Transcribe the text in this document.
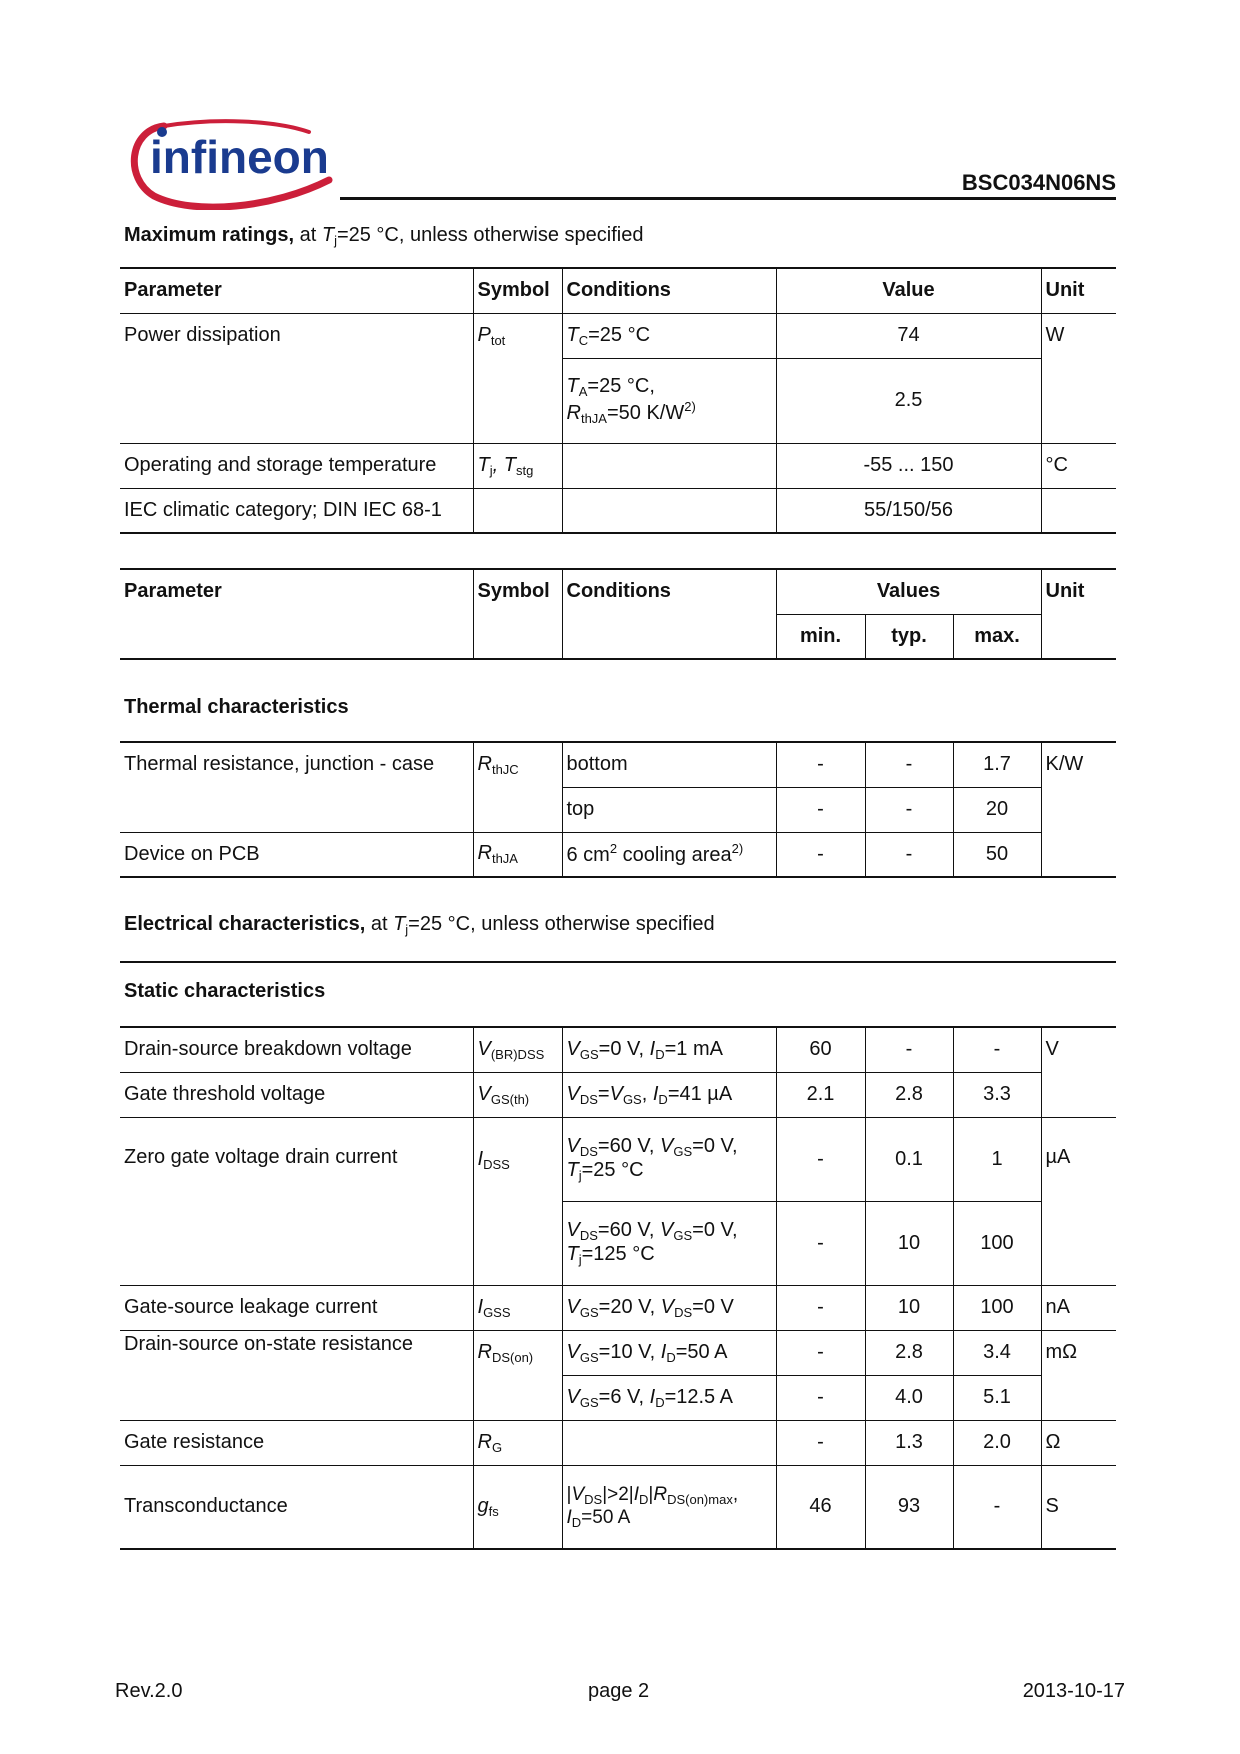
infineon	BSC034N06NS
Maximum ratings, at $T_j=25$ °C, unless otherwise specified
Parameter	Symbol	Conditions	Value	Unit
Power dissipation	$P_{tot}$	$T_C=25$ °C	74	W
		$T_A=25$ °C,
$R_{thJA}=50$ $K/W^{2)}$	2.5	
Operating and storage temperature	$T_j$, $T_{stg}$		-55 ... 150	°C
IEC climatic category; DIN IEC 68-1			55/150/56	
Parameter	Symbol	Conditions	Values			Unit
			min.	typ.	max.	
Thermal characteristics
Thermal resistance, junction - case	$R_{thJC}$	bottom	-	-	1.7	K/W
		top	-	-	20	
Device on PCB	$R_{thJA}$	6 $cm^2$ cooling area$^{2)}$	-	-	50	
Electrical characteristics, at $T_j=25$ °C, unless otherwise specified
Static characteristics
Drain-source breakdown voltage	$V_{(BR)DSS}$	$V_{GS}=0$ V, $I_D=1$ mA	60	-	-	V
Gate threshold voltage	$V_{GS(th)}$	$V_{DS}=V_{GS}$, $I_D=41$ µA	2.1	2.8	3.3	
Zero gate voltage drain current	$I_{DSS}$	$V_{DS}=60$ V, $V_{GS}=0$ V,
$T_j=25$ °C	-	0.1	1	µA
		$V_{DS}=60$ V, $V_{GS}=0$ V,
$T_j=125$ °C	-	10	100	
Gate-source leakage current	$I_{GSS}$	$V_{GS}=20$ V, $V_{DS}=0$ V	-	10	100	nA
Drain-source on-state resistance	$R_{DS(on)}$	$V_{GS}=10$ V, $I_D=50$ A	-	2.8	3.4	mΩ
		$V_{GS}=6$ V, $I_D=12.5$ A	-	4.0	5.1	
Gate resistance	$R_G$		-	1.3	2.0	Ω
Transconductance	$g_{fs}$	$|V_{DS}|>2|I_D|R_{DS(on)max}$,
$I_D=50$ A	46	93	-	S
Rev.2.0	page 2	2013-10-17
